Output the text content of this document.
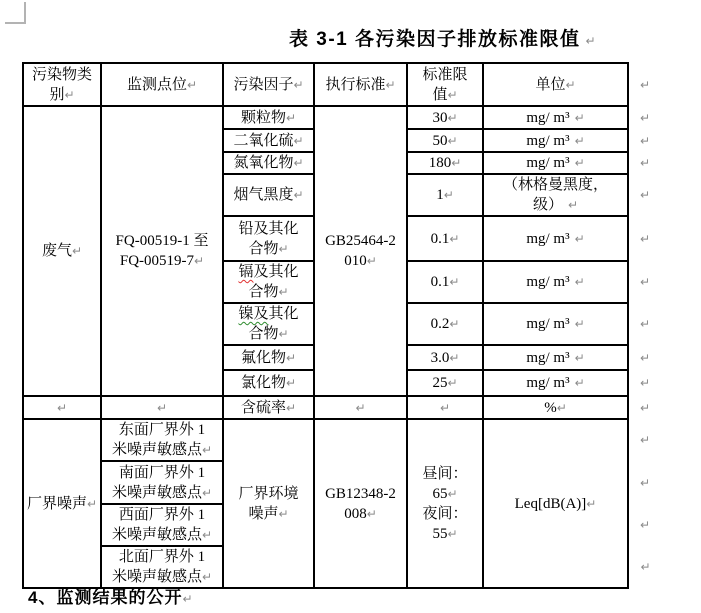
表 3-1 各污染因子排放标准限值 ↵
污染物类
别↵	监测点位↵	污染因子↵	执行标准↵	标准限
值↵	单位↵	↵
废气↵	FQ-00519-1 至
FQ-00519-7↵	颗粒物↵	GB25464-2
010↵	30↵	mg/ m³ ↵	↵
		二氧化硫↵		50↵	mg/ m³ ↵	↵
		氮氧化物↵		180↵	mg/ m³ ↵	↵
		烟气黑度↵		1↵	（林格曼黑度，
级） ↵	↵
		铅及其化
合物↵		0.1↵	mg/ m³ ↵	↵
		镉及其化
合物↵		0.1↵	mg/ m³ ↵	↵
		镍及其化
合物↵		0.2↵	mg/ m³ ↵	↵
		氟化物↵		3.0↵	mg/ m³ ↵	↵
		氯化物↵		25↵	mg/ m³ ↵	↵
↵	↵	含硫率↵	↵	↵	%↵	↵
厂界噪声↵	东面厂界外 1
米噪声敏感点↵	厂界环境
噪声↵	GB12348-2
008↵	昼间：
65↵
夜间：
55↵	Leq[dB(A)]↵	↵
	南面厂界外 1
米噪声敏感点↵					↵
	西面厂界外 1
米噪声敏感点↵					↵
	北面厂界外 1
米噪声敏感点↵					↵
4、监测结果的公开↵
